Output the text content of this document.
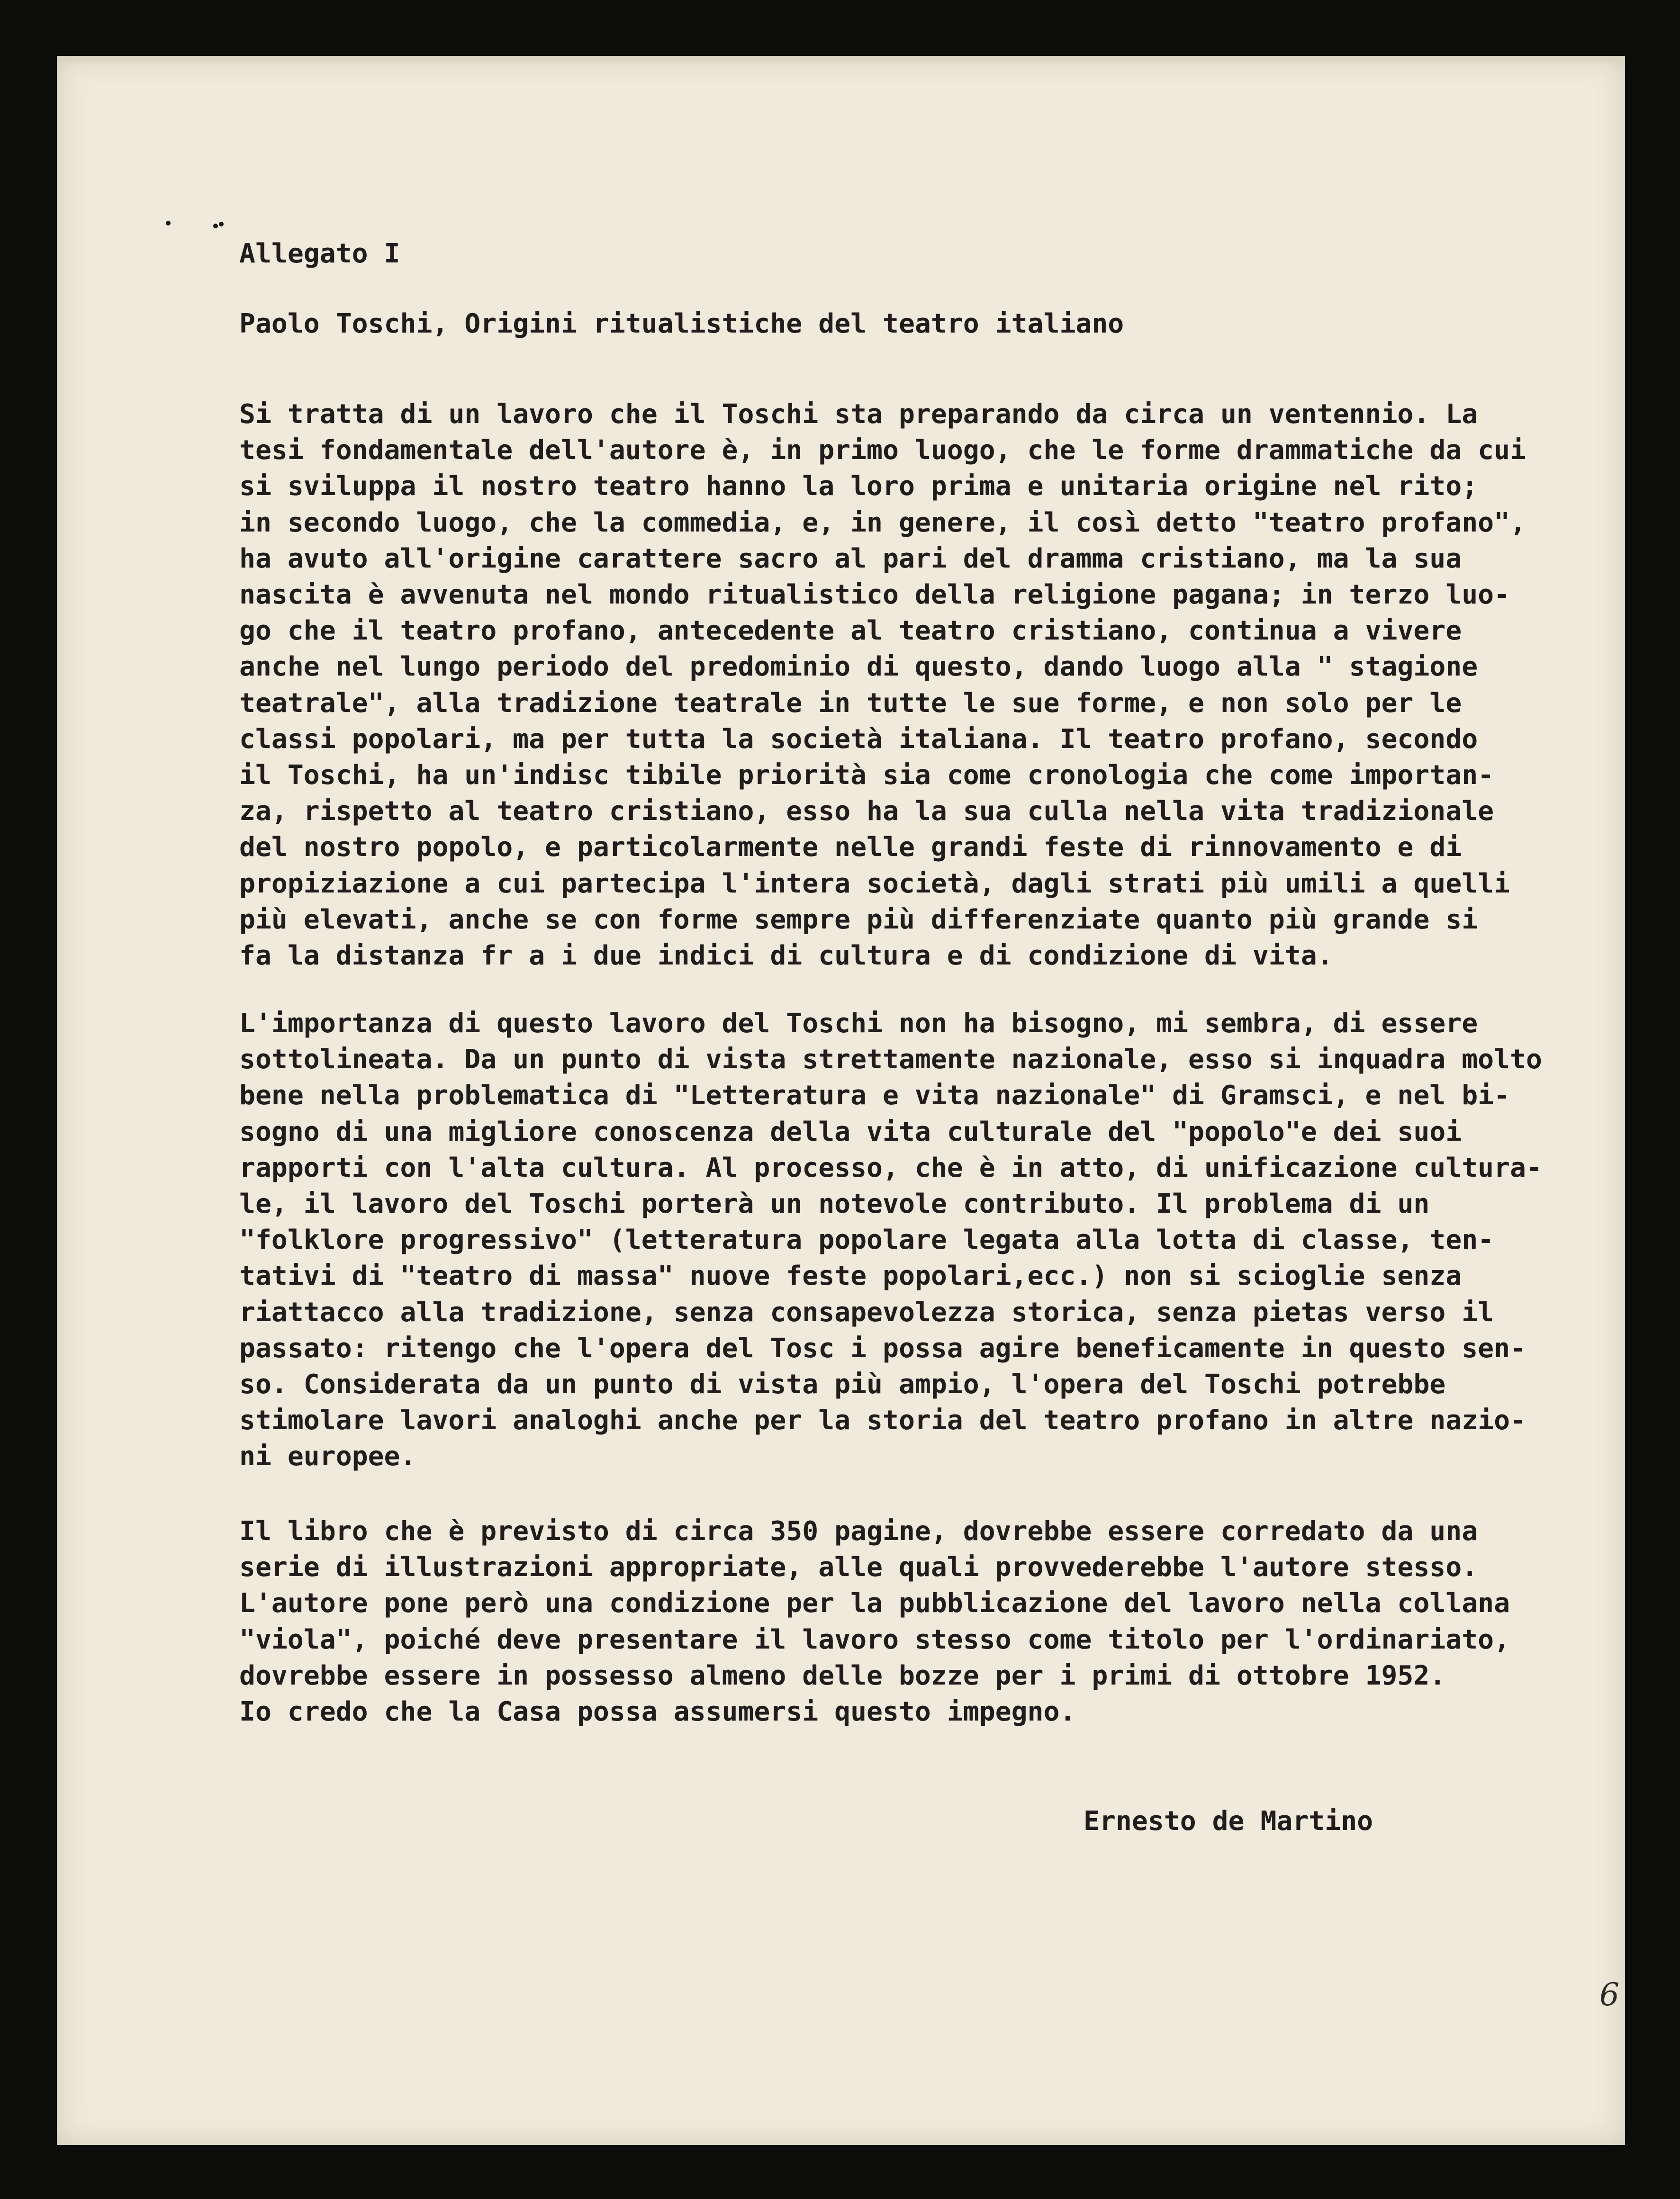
Allegato I
Paolo Toschi, Origini ritualistiche del teatro italiano
Si tratta di un lavoro che il Toschi sta preparando da circa un ventennio. La
tesi fondamentale dell'autore è, in primo luogo, che le forme drammatiche da cui
si sviluppa il nostro teatro hanno la loro prima e unitaria origine nel rito;
in secondo luogo, che la commedia, e, in genere, il così detto "teatro profano",
ha avuto all'origine carattere sacro al pari del dramma cristiano, ma la sua
nascita è avvenuta nel mondo ritualistico della religione pagana; in terzo luo-
go che il teatro profano, antecedente al teatro cristiano, continua a vivere
anche nel lungo periodo del predominio di questo, dando luogo alla " stagione
teatrale", alla tradizione teatrale in tutte le sue forme, e non solo per le
classi popolari, ma per tutta la società italiana. Il teatro profano, secondo
il Toschi, ha un'indisc tibile priorità sia come cronologia che come importan-
za, rispetto al teatro cristiano, esso ha la sua culla nella vita tradizionale
del nostro popolo, e particolarmente nelle grandi feste di rinnovamento e di
propiziazione a cui partecipa l'intera società, dagli strati più umili a quelli
più elevati, anche se con forme sempre più differenziate quanto più grande si
fa la distanza fr a i due indici di cultura e di condizione di vita.
L'importanza di questo lavoro del Toschi non ha bisogno, mi sembra, di essere
sottolineata. Da un punto di vista strettamente nazionale, esso si inquadra molto
bene nella problematica di "Letteratura e vita nazionale" di Gramsci, e nel bi-
sogno di una migliore conoscenza della vita culturale del "popolo"e dei suoi
rapporti con l'alta cultura. Al processo, che è in atto, di unificazione cultura-
le, il lavoro del Toschi porterà un notevole contributo. Il problema di un
"folklore progressivo" (letteratura popolare legata alla lotta di classe, ten-
tativi di "teatro di massa" nuove feste popolari,ecc.) non si scioglie senza
riattacco alla tradizione, senza consapevolezza storica, senza pietas verso il
passato: ritengo che l'opera del Tosc i possa agire beneficamente in questo sen-
so. Considerata da un punto di vista più ampio, l'opera del Toschi potrebbe
stimolare lavori analoghi anche per la storia del teatro profano in altre nazio-
ni europee.
Il libro che è previsto di circa 350 pagine, dovrebbe essere corredato da una
serie di illustrazioni appropriate, alle quali provvederebbe l'autore stesso.
L'autore pone però una condizione per la pubblicazione del lavoro nella collana
"viola", poiché deve presentare il lavoro stesso come titolo per l'ordinariato,
dovrebbe essere in possesso almeno delle bozze per i primi di ottobre 1952.
Io credo che la Casa possa assumersi questo impegno.
Ernesto de Martino
6
